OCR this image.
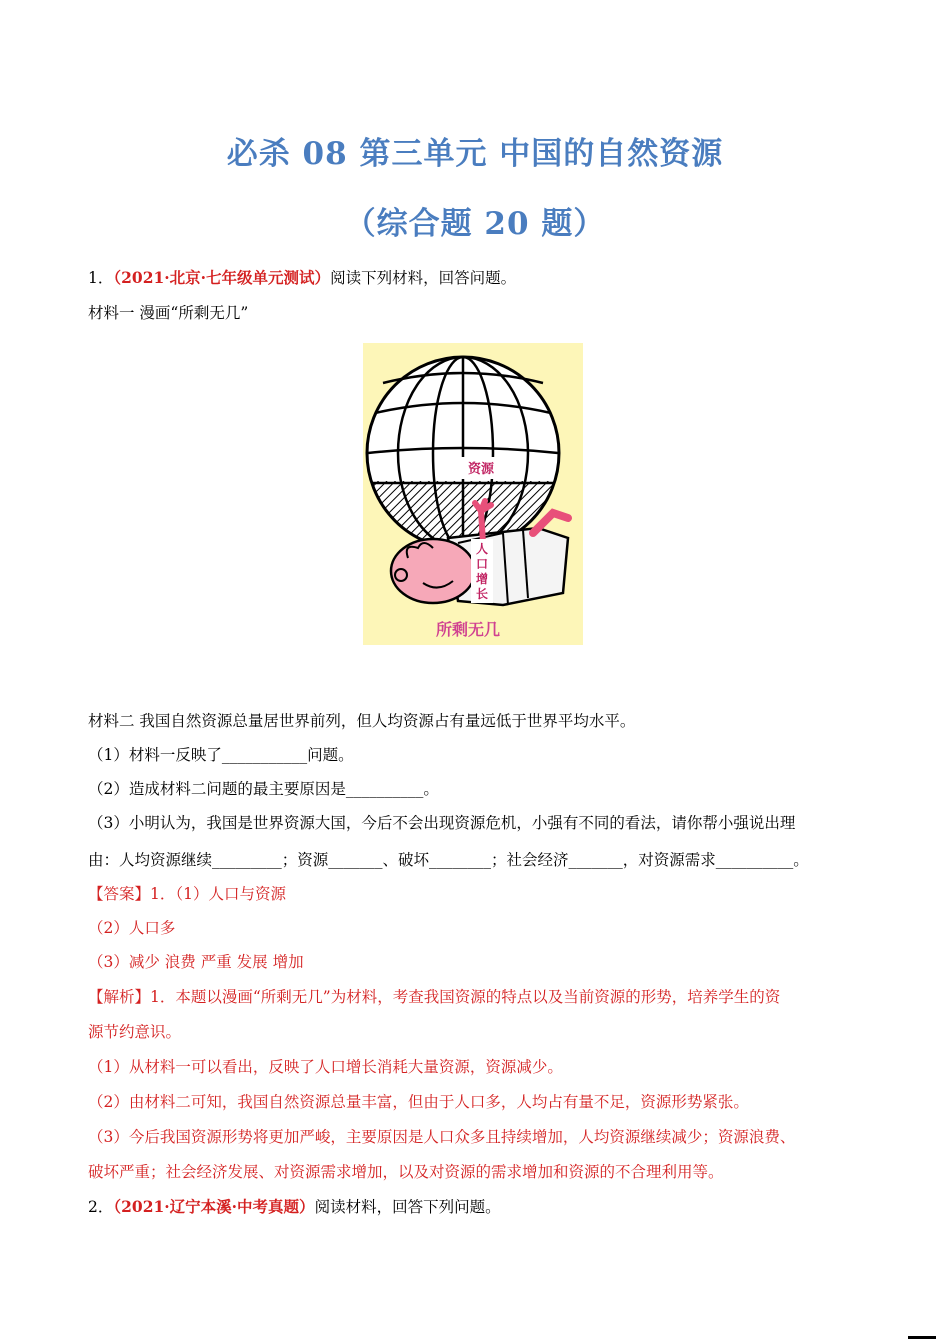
必杀 08 第三单元 中国的自然资源
（综合题 20 题）
1．（2021·北京·七年级单元测试）阅读下列材料，回答问题。
材料一 漫画“所剩无几”
资源
人
口
增
长
所剩无几
材料二 我国自然资源总量居世界前列，但人均资源占有量远低于世界平均水平。
（1）材料一反映了___________问题。
（2）造成材料二问题的最主要原因是__________。
（3）小明认为，我国是世界资源大国，今后不会出现资源危机，小强有不同的看法，请你帮小强说出理
由：人均资源继续_________；资源_______、破坏________；社会经济_______，对资源需求__________。
【答案】1．（1）人口与资源
（2）人口多
（3）减少 浪费 严重 发展 增加
【解析】1．本题以漫画“所剩无几”为材料，考查我国资源的特点以及当前资源的形势，培养学生的资
源节约意识。
（1）从材料一可以看出，反映了人口增长消耗大量资源，资源减少。
（2）由材料二可知，我国自然资源总量丰富，但由于人口多，人均占有量不足，资源形势紧张。
（3）今后我国资源形势将更加严峻，主要原因是人口众多且持续增加，人均资源继续减少；资源浪费、
破坏严重；社会经济发展、对资源需求增加，以及对资源的需求增加和资源的不合理利用等。
2．（2021·辽宁本溪·中考真题）阅读材料，回答下列问题。
